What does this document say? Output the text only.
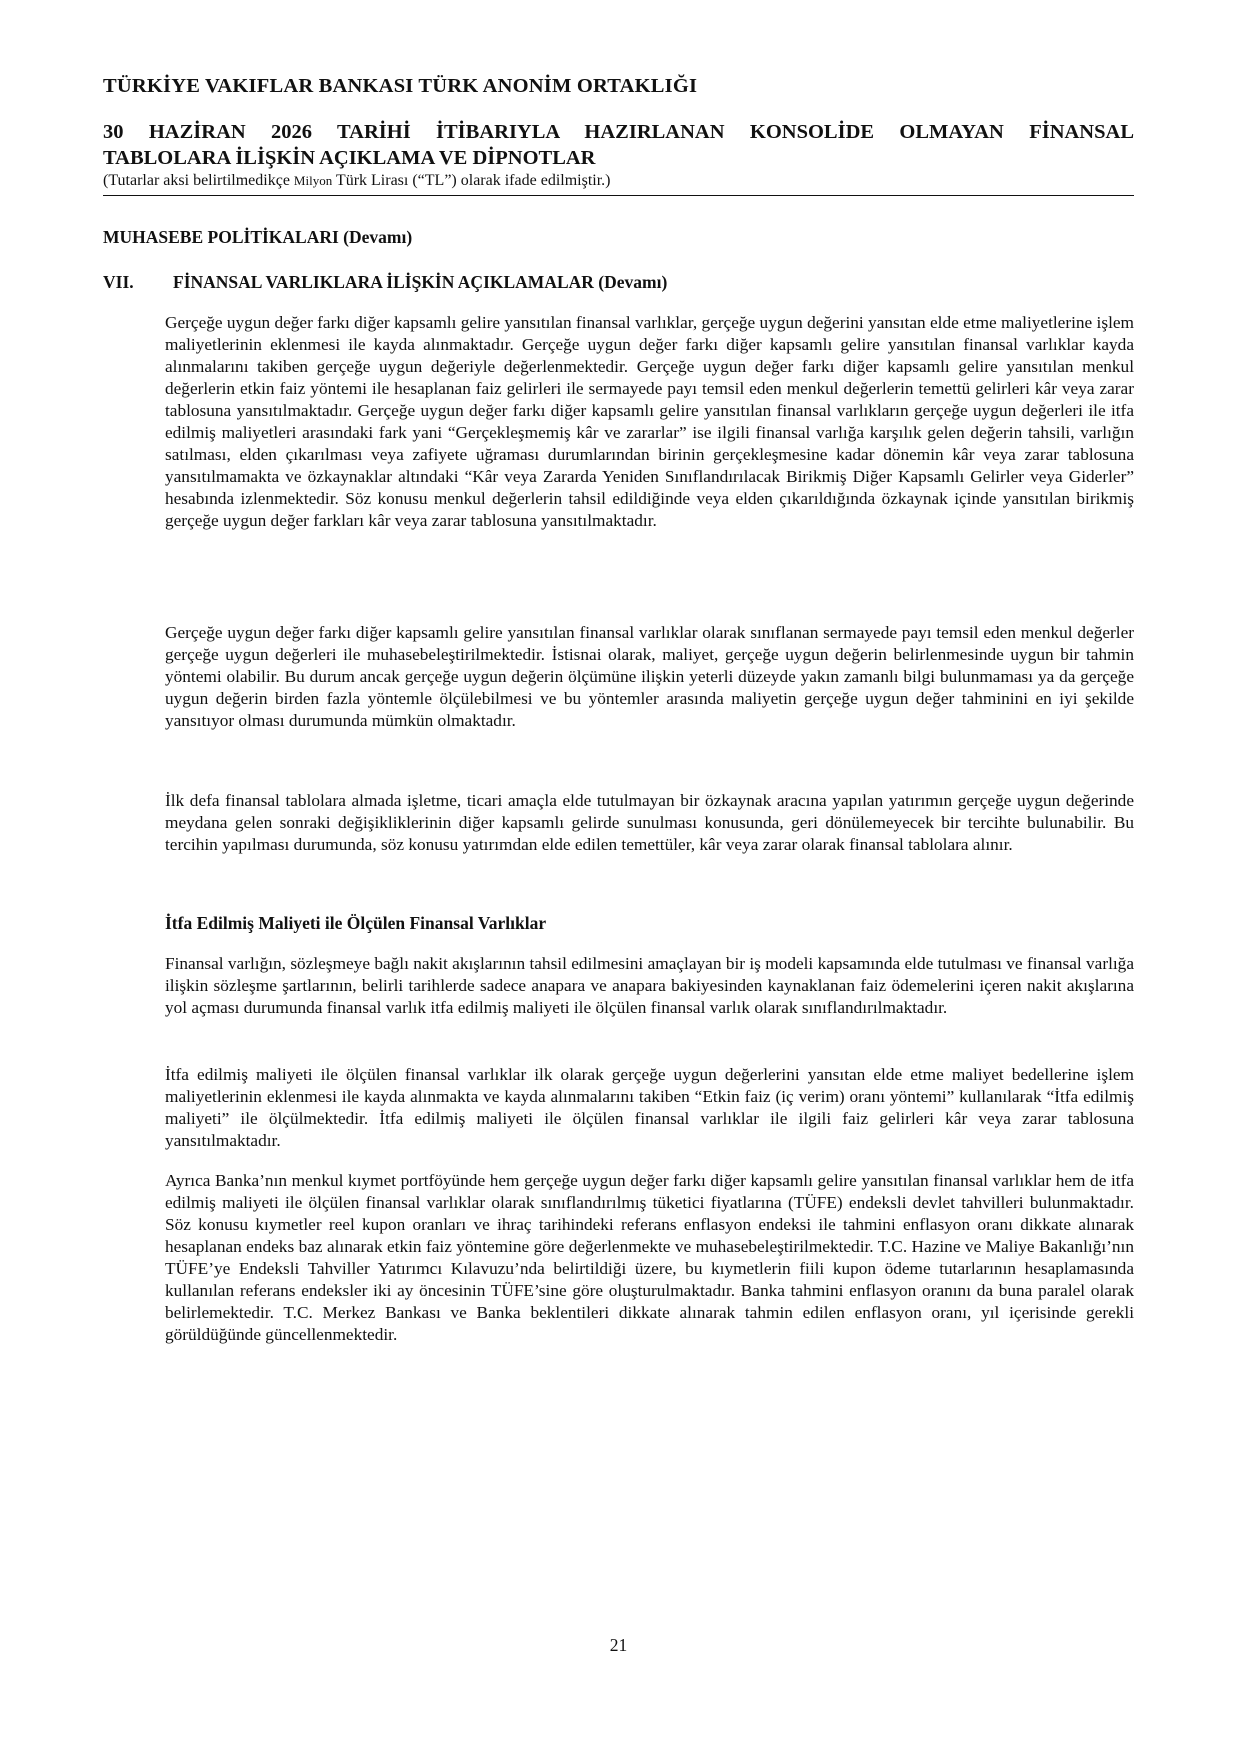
TÜRKİYE VAKIFLAR BANKASI TÜRK ANONİM ORTAKLIĞI
30 HAZİRAN 2026 TARİHİ İTİBARIYLA HAZIRLANAN KONSOLİDE OLMAYAN FİNANSAL
TABLOLARA İLİŞKİN AÇIKLAMA VE DİPNOTLAR
(Tutarlar aksi belirtilmedikçe Milyon Türk Lirası (“TL”) olarak ifade edilmiştir.)
MUHASEBE POLİTİKALARI (Devamı)
VII. FİNANSAL VARLIKLARA İLİŞKİN AÇIKLAMALAR (Devamı)

Gerçeğe uygun değer farkı diğer kapsamlı gelire yansıtılan finansal varlıklar, gerçeğe uygun değerini yansıtan elde etme maliyetlerine işlem maliyetlerinin eklenmesi ile kayda alınmaktadır. Gerçeğe uygun değer farkı diğer kapsamlı gelire yansıtılan finansal varlıklar kayda alınmalarını takiben gerçeğe uygun değeriyle değerlenmektedir. Gerçeğe uygun değer farkı diğer kapsamlı gelire yansıtılan menkul değerlerin etkin faiz yöntemi ile hesaplanan faiz gelirleri ile sermayede payı temsil eden menkul değerlerin temettü gelirleri kâr veya zarar tablosuna yansıtılmaktadır. Gerçeğe uygun değer farkı diğer kapsamlı gelire yansıtılan finansal varlıkların gerçeğe uygun değerleri ile itfa edilmiş maliyetleri arasındaki fark yani “Gerçekleşmemiş kâr ve zararlar” ise ilgili finansal varlığa karşılık gelen değerin tahsili, varlığın satılması, elden çıkarılması veya zafiyete uğraması durumlarından birinin gerçekleşmesine kadar dönemin kâr veya zarar tablosuna yansıtılmamakta ve özkaynaklar altındaki “Kâr veya Zararda Yeniden Sınıflandırılacak Birikmiş Diğer Kapsamlı Gelirler veya Giderler” hesabında izlenmektedir. Söz konusu menkul değerlerin tahsil edildiğinde veya elden çıkarıldığında özkaynak içinde yansıtılan birikmiş gerçeğe uygun değer farkları kâr veya zarar tablosuna yansıtılmaktadır.

Gerçeğe uygun değer farkı diğer kapsamlı gelire yansıtılan finansal varlıklar olarak sınıflanan sermayede payı temsil eden menkul değerler gerçeğe uygun değerleri ile muhasebeleştirilmektedir. İstisnai olarak, maliyet, gerçeğe uygun değerin belirlenmesinde uygun bir tahmin yöntemi olabilir. Bu durum ancak gerçeğe uygun değerin ölçümüne ilişkin yeterli düzeyde yakın zamanlı bilgi bulunmaması ya da gerçeğe uygun değerin birden fazla yöntemle ölçülebilmesi ve bu yöntemler arasında maliyetin gerçeğe uygun değer tahminini en iyi şekilde yansıtıyor olması durumunda mümkün olmaktadır.

İlk defa finansal tablolara almada işletme, ticari amaçla elde tutulmayan bir özkaynak aracına yapılan yatırımın gerçeğe uygun değerinde meydana gelen sonraki değişikliklerinin diğer kapsamlı gelirde sunulması konusunda, geri dönülemeyecek bir tercihte bulunabilir. Bu tercihin yapılması durumunda, söz konusu yatırımdan elde edilen temettüler, kâr veya zarar olarak finansal tablolara alınır.

İtfa Edilmiş Maliyeti ile Ölçülen Finansal Varlıklar

Finansal varlığın, sözleşmeye bağlı nakit akışlarının tahsil edilmesini amaçlayan bir iş modeli kapsamında elde tutulması ve finansal varlığa ilişkin sözleşme şartlarının, belirli tarihlerde sadece anapara ve anapara bakiyesinden kaynaklanan faiz ödemelerini içeren nakit akışlarına yol açması durumunda finansal varlık itfa edilmiş maliyeti ile ölçülen finansal varlık olarak sınıflandırılmaktadır.

İtfa edilmiş maliyeti ile ölçülen finansal varlıklar ilk olarak gerçeğe uygun değerlerini yansıtan elde etme maliyet bedellerine işlem maliyetlerinin eklenmesi ile kayda alınmakta ve kayda alınmalarını takiben “Etkin faiz (iç verim) oranı yöntemi” kullanılarak “İtfa edilmiş maliyeti” ile ölçülmektedir. İtfa edilmiş maliyeti ile ölçülen finansal varlıklar ile ilgili faiz gelirleri kâr veya zarar tablosuna yansıtılmaktadır.

Ayrıca Banka’nın menkul kıymet portföyünde hem gerçeğe uygun değer farkı diğer kapsamlı gelire yansıtılan finansal varlıklar hem de itfa edilmiş maliyeti ile ölçülen finansal varlıklar olarak sınıflandırılmış tüketici fiyatlarına (TÜFE) endeksli devlet tahvilleri bulunmaktadır. Söz konusu kıymetler reel kupon oranları ve ihraç tarihindeki referans enflasyon endeksi ile tahmini enflasyon oranı dikkate alınarak hesaplanan endeks baz alınarak etkin faiz yöntemine göre değerlenmekte ve muhasebeleştirilmektedir. T.C. Hazine ve Maliye Bakanlığı’nın TÜFE’ye Endeksli Tahviller Yatırımcı Kılavuzu’nda belirtildiği üzere, bu kıymetlerin fiili kupon ödeme tutarlarının hesaplamasında kullanılan referans endeksler iki ay öncesinin TÜFE’sine göre oluşturulmaktadır. Banka tahmini enflasyon oranını da buna paralel olarak belirlemektedir. T.C. Merkez Bankası ve Banka beklentileri dikkate alınarak tahmin edilen enflasyon oranı, yıl içerisinde gerekli görüldüğünde güncellenmektedir.

21
